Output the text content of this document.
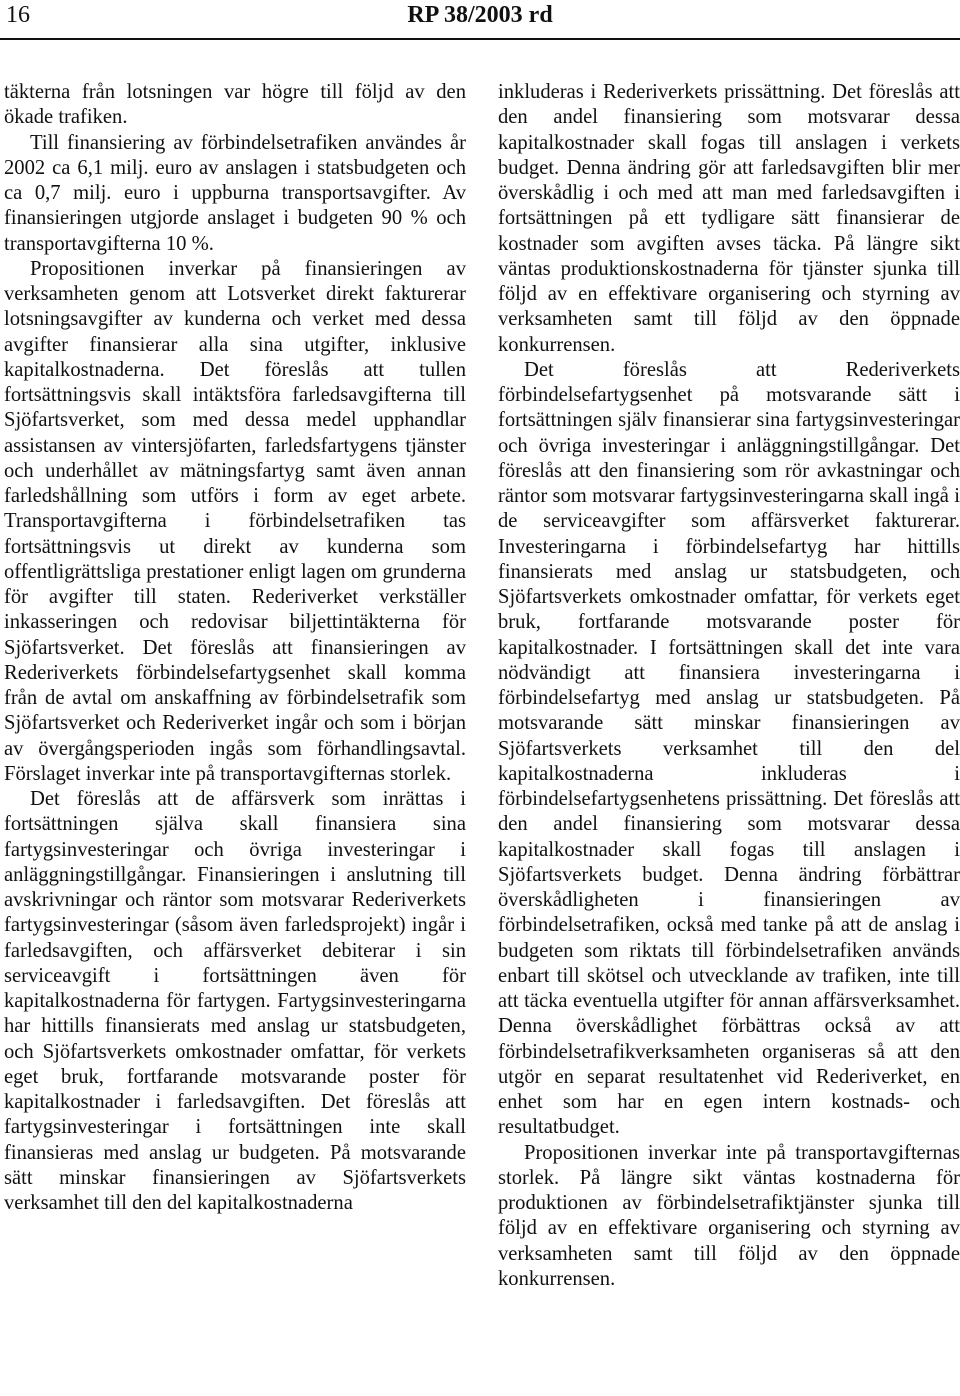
16	RP 38/2003 rd

täkterna från lotsningen var högre till följd av den ökade trafiken.

Till finansiering av förbindelsetrafiken användes år 2002 ca 6,1 milj. euro av anslagen i statsbudgeten och ca 0,7 milj. euro i uppburna transportsavgifter. Av finansieringen utgjorde anslaget i budgeten 90 % och transportavgifterna 10 %.

Propositionen inverkar på finansieringen av verksamheten genom att Lotsverket direkt fakturerar lotsningsavgifter av kunderna och verket med dessa avgifter finansierar alla sina utgifter, inklusive kapitalkostnaderna. Det föreslås att tullen fortsättningsvis skall intäktsföra farledsavgifterna till Sjöfartsverket, som med dessa medel upphandlar assistansen av vintersjöfarten, farledsfartygens tjänster och underhållet av mätningsfartyg samt även annan farledshållning som utförs i form av eget arbete. Transportavgifterna i förbindelsetrafiken tas fortsättningsvis ut direkt av kunderna som offentligrättsliga prestationer enligt lagen om grunderna för avgifter till staten. Rederiverket verkställer inkasseringen och redovisar biljettintäkterna för Sjöfartsverket. Det föreslås att finansieringen av Rederiverkets förbindelsefartygsenhet skall komma från de avtal om anskaffning av förbindelsetrafik som Sjöfartsverket och Rederiverket ingår och som i början av övergångsperioden ingås som förhandlingsavtal. Förslaget inverkar inte på transportavgifternas storlek.

Det föreslås att de affärsverk som inrättas i fortsättningen själva skall finansiera sina fartygsinvesteringar och övriga investeringar i anläggningstillgångar. Finansieringen i anslutning till avskrivningar och räntor som motsvarar Rederiverkets fartygsinvesteringar (såsom även farledsprojekt) ingår i farledsavgiften, och affärsverket debiterar i sin serviceavgift i fortsättningen även för kapitalkostnaderna för fartygen. Fartygsinvesteringarna har hittills finansierats med anslag ur statsbudgeten, och Sjöfartsverkets omkostnader omfattar, för verkets eget bruk, fortfarande motsvarande poster för kapitalkostnader i farledsavgiften. Det föreslås att fartygsinvesteringar i fortsättningen inte skall finansieras med anslag ur budgeten. På motsvarande sätt minskar finansieringen av Sjöfartsverkets verksamhet till den del kapitalkostnaderna

inkluderas i Rederiverkets prissättning. Det föreslås att den andel finansiering som motsvarar dessa kapitalkostnader skall fogas till anslagen i verkets budget. Denna ändring gör att farledsavgiften blir mer överskådlig i och med att man med farledsavgiften i fortsättningen på ett tydligare sätt finansierar de kostnader som avgiften avses täcka. På längre sikt väntas produktionskostnaderna för tjänster sjunka till följd av en effektivare organisering och styrning av verksamheten samt till följd av den öppnade konkurrensen.

Det föreslås att Rederiverkets förbindelsefartygsenhet på motsvarande sätt i fortsättningen själv finansierar sina fartygsinvesteringar och övriga investeringar i anläggningstillgångar. Det föreslås att den finansiering som rör avkastningar och räntor som motsvarar fartygsinvesteringarna skall ingå i de serviceavgifter som affärsverket fakturerar. Investeringarna i förbindelsefartyg har hittills finansierats med anslag ur statsbudgeten, och Sjöfartsverkets omkostnader omfattar, för verkets eget bruk, fortfarande motsvarande poster för kapitalkostnader. I fortsättningen skall det inte vara nödvändigt att finansiera investeringarna i förbindelsefartyg med anslag ur statsbudgeten. På motsvarande sätt minskar finansieringen av Sjöfartsverkets verksamhet till den del kapitalkostnaderna inkluderas i förbindelsefartygsenhetens prissättning. Det föreslås att den andel finansiering som motsvarar dessa kapitalkostnader skall fogas till anslagen i Sjöfartsverkets budget. Denna ändring förbättrar överskådligheten i finansieringen av förbindelsetrafiken, också med tanke på att de anslag i budgeten som riktats till förbindelsetrafiken används enbart till skötsel och utvecklande av trafiken, inte till att täcka eventuella utgifter för annan affärsverksamhet. Denna överskådlighet förbättras också av att förbindelsetrafikverksamheten organiseras så att den utgör en separat resultatenhet vid Rederiverket, en enhet som har en egen intern kostnads- och resultatbudget.

Propositionen inverkar inte på transportavgifternas storlek. På längre sikt väntas kostnaderna för produktionen av förbindelsetrafiktjänster sjunka till följd av en effektivare organisering och styrning av verksamheten samt till följd av den öppnade konkurrensen.
